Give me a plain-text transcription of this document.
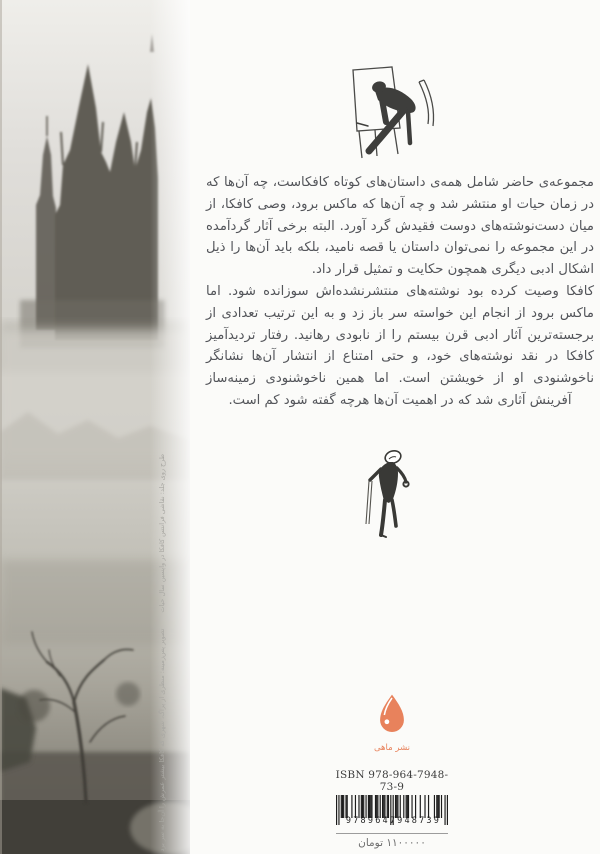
طرح روی جلد: نقاشی فرانتس کافکا در واپسین سال حیاتتصویر پس‌زمینه: منظری از پراگ، شهری که کافکا بیشتر عمرش را آن‌جا به سر برد

مجموعه‌ی حاضر شامل همه‌ی داستان‌های کوتاه کافکاست، چه آن‌ها که در زمان حیات او منتشر شد و چه آن‌ها که ماکس برود، وصی کافکا، از میان دست‌نوشته‌های دوست فقیدش گرد آورد. البته برخی آثار گردآمده در این مجموعه را نمی‌توان داستان یا قصه نامید، بلکه باید آن‌ها را ذیل اشکال ادبی دیگری همچون حکایت و تمثیل قرار داد.

کافکا وصیت کرده بود نوشته‌های منتشرنشده‌اش سوزانده شود. اما ماکس برود از انجام این خواسته سر باز زد و به این ترتیب تعدادی از برجسته‌ترین آثار ادبی قرن بیستم را از نابودی رهانید. رفتار تردیدآمیز کافکا در نقد نوشته‌های خود، و حتی امتناع از انتشار آن‌ها نشانگر ناخوشنودی او از خویشتن است. اما همین ناخوشنودی زمینه‌ساز آفرینش آثاری شد که در اهمیت آن‌ها هرچه گفته شود کم است.

نشر ماهی
ISBN 978-964-7948-73-9
9789647948739
۱۱۰۰۰۰۰ تومان
